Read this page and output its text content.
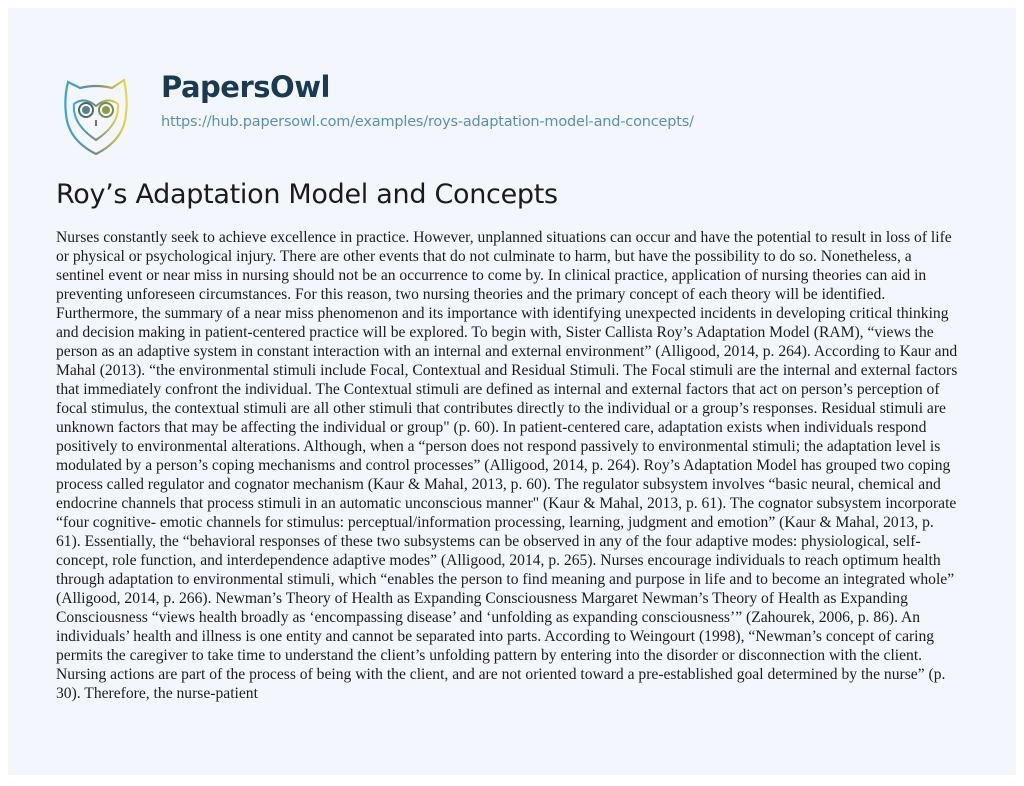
PapersOwl
https://hub.papersowl.com/examples/roys-adaptation-model-and-concepts/
Roy’s Adaptation Model and Concepts
Nurses constantly seek to achieve excellence in practice. However, unplanned situations can occur and have the potential to result in loss of life
or physical or psychological injury. There are other events that do not culminate to harm, but have the possibility to do so. Nonetheless, a
sentinel event or near miss in nursing should not be an occurrence to come by. In clinical practice, application of nursing theories can aid in
preventing unforeseen circumstances. For this reason, two nursing theories and the primary concept of each theory will be identified.
Furthermore, the summary of a near miss phenomenon and its importance with identifying unexpected incidents in developing critical thinking
and decision making in patient-centered practice will be explored. To begin with, Sister Callista Roy’s Adaptation Model (RAM), “views the
person as an adaptive system in constant interaction with an internal and external environment” (Alligood, 2014, p. 264). According to Kaur and
Mahal (2013). “the environmental stimuli include Focal, Contextual and Residual Stimuli. The Focal stimuli are the internal and external factors
that immediately confront the individual. The Contextual stimuli are defined as internal and external factors that act on person’s perception of
focal stimulus, the contextual stimuli are all other stimuli that contributes directly to the individual or a group’s responses. Residual stimuli are
unknown factors that may be affecting the individual or group" (p. 60). In patient-centered care, adaptation exists when individuals respond
positively to environmental alterations. Although, when a “person does not respond passively to environmental stimuli; the adaptation level is
modulated by a person’s coping mechanisms and control processes” (Alligood, 2014, p. 264). Roy’s Adaptation Model has grouped two coping
process called regulator and cognator mechanism (Kaur & Mahal, 2013, p. 60). The regulator subsystem involves “basic neural, chemical and
endocrine channels that process stimuli in an automatic unconscious manner" (Kaur & Mahal, 2013, p. 61). The cognator subsystem incorporate
“four cognitive- emotic channels for stimulus: perceptual/information processing, learning, judgment and emotion” (Kaur & Mahal, 2013, p.
61). Essentially, the “behavioral responses of these two subsystems can be observed in any of the four adaptive modes: physiological, self-
concept, role function, and interdependence adaptive modes” (Alligood, 2014, p. 265). Nurses encourage individuals to reach optimum health
through adaptation to environmental stimuli, which “enables the person to find meaning and purpose in life and to become an integrated whole”
(Alligood, 2014, p. 266). Newman’s Theory of Health as Expanding Consciousness Margaret Newman’s Theory of Health as Expanding
Consciousness “views health broadly as ‘encompassing disease’ and ‘unfolding as expanding consciousness’” (Zahourek, 2006, p. 86). An
individuals’ health and illness is one entity and cannot be separated into parts. According to Weingourt (1998), “Newman’s concept of caring
permits the caregiver to take time to understand the client’s unfolding pattern by entering into the disorder or disconnection with the client.
Nursing actions are part of the process of being with the client, and are not oriented toward a pre-established goal determined by the nurse” (p.
30). Therefore, the nurse-patient
